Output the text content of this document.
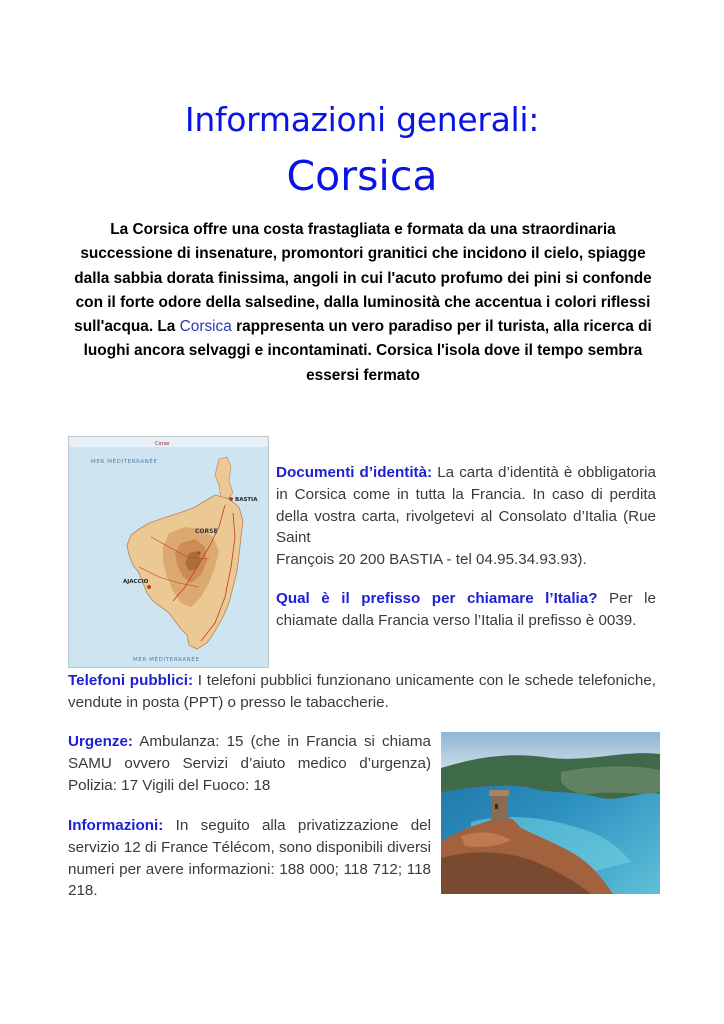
Informazioni generali:
Corsica
La Corsica offre una costa frastagliata e formata da una straordinaria successione di insenature, promontori granitici che incidono il cielo, spiagge dalla sabbia dorata finissima, angoli in cui l'acuto profumo dei pini si confonde con il forte odore della salsedine, dalla luminosità che accentua i colori riflessi sull'acqua. La Corsica rappresenta un vero paradiso per il turista, alla ricerca di luoghi ancora selvaggi e incontaminati. Corsica l'isola dove il tempo sembra essersi fermato
Corse
MER MÉDITERRANÉE
MER MÉDITERRANÉE
BASTIA
CORSE
AJACCIO
Documenti d’identità: La carta d’identità è obbligatoria in Corsica come in tutta la Francia. In caso di perdita della vostra carta, rivolgetevi al Consolato d’Italia (Rue Saint
François 20 200 BASTIA - tel 04.95.34.93.93).
Qual è il prefisso per chiamare l’Italia? Per le chiamate dalla Francia verso l’Italia il prefisso è 0039.
Telefoni pubblici: I telefoni pubblici funzionano unicamente con le schede telefoniche, vendute in posta (PPT) o presso le tabaccherie.
Urgenze: Ambulanza: 15 (che in Francia si chiama SAMU ovvero Servizi d’aiuto medico d’urgenza) Polizia: 17 Vigili del Fuoco: 18
Informazioni: In seguito alla privatizzazione del servizio 12 di France Télécom, sono disponibili diversi numeri per avere informazioni: 188 000; 118 712; 118 218.
